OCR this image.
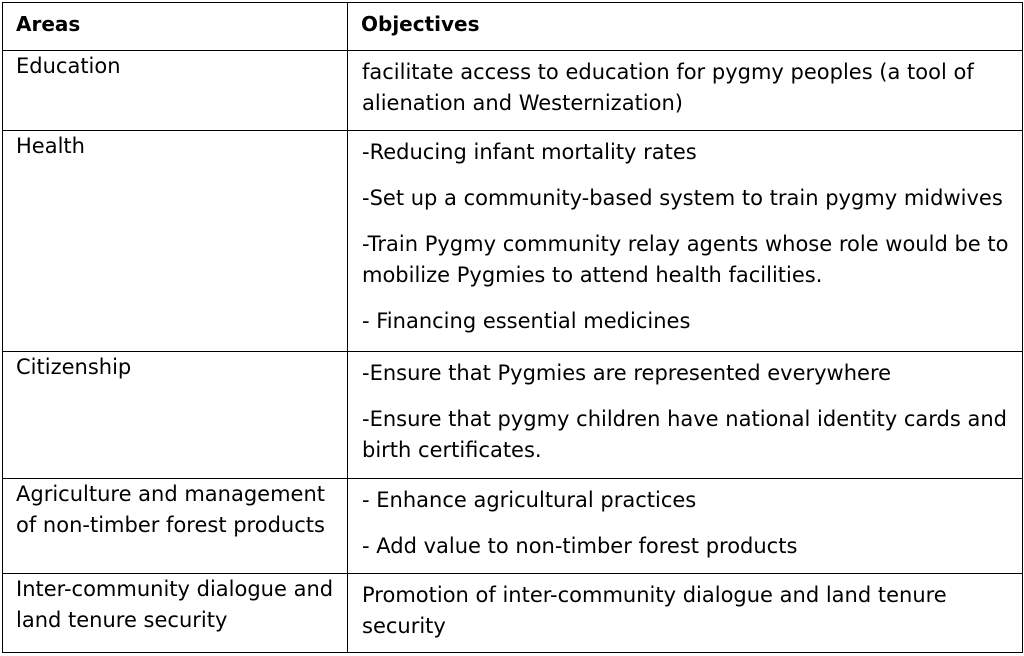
Areas	Objectives

Education	facilitate access to education for pygmy peoples (a tool of alienation and Westernization)

Health	-Reducing infant mortality rates

-Set up a community-based system to train pygmy midwives

-Train Pygmy community relay agents whose role would be to mobilize Pygmies to attend health facilities.

- Financing essential medicines

Citizenship	-Ensure that Pygmies are represented everywhere

-Ensure that pygmy children have national identity cards and birth certificates.

Agriculture and management of non-timber forest products	- Enhance agricultural practices

- Add value to non-timber forest products

Inter-community dialogue and land tenure security	Promotion of inter-community dialogue and land tenure security
